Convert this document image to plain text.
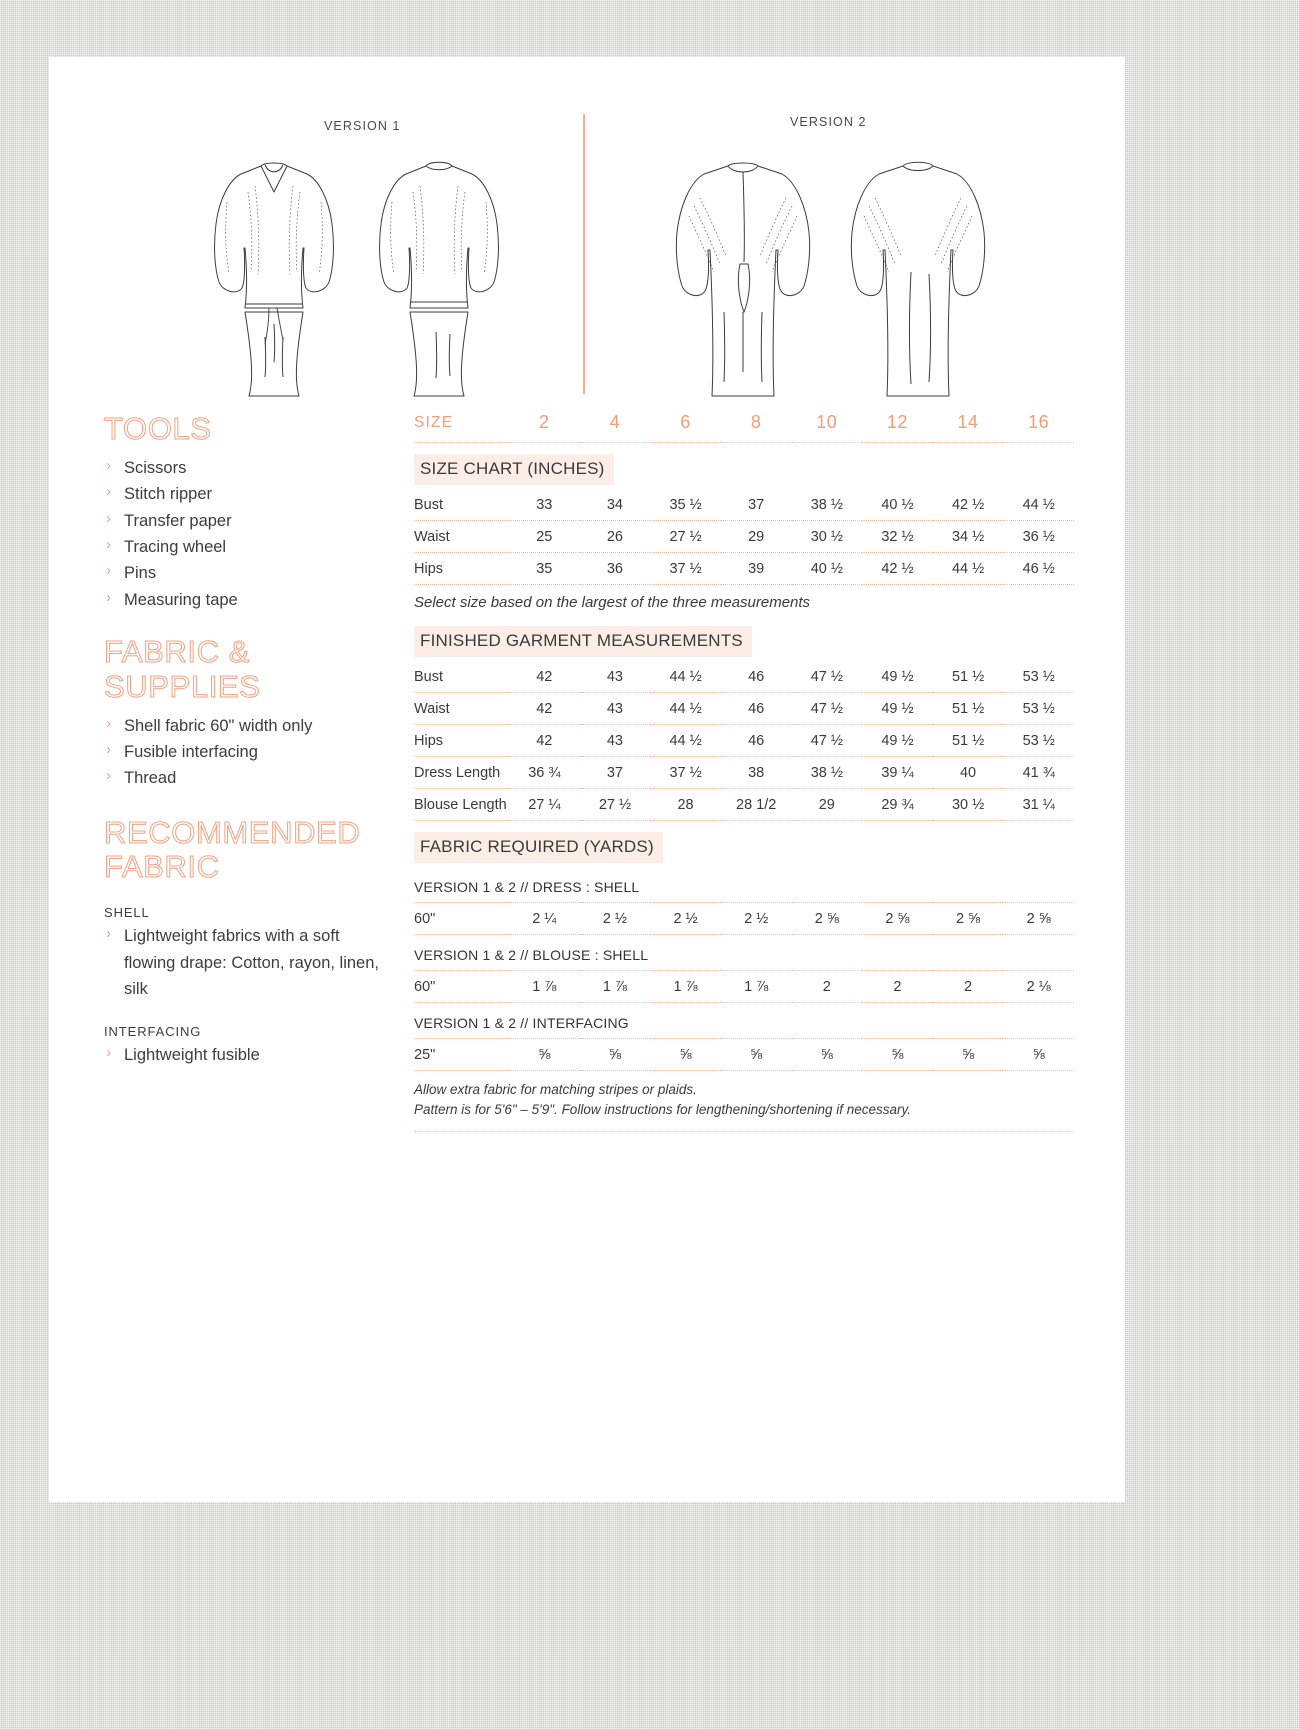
VERSION 1	VERSION 2
TOOLS
› Scissors
› Stitch ripper
› Transfer paper
› Tracing wheel
› Pins
› Measuring tape
FABRIC & SUPPLIES
› Shell fabric 60" width only
› Fusible interfacing
› Thread
RECOMMENDED FABRIC
SHELL
› Lightweight fabrics with a soft flowing drape: Cotton, rayon, linen, silk
INTERFACING
› Lightweight fusible
SIZE	2	4	6	8	10	12	14	16
SIZE CHART (INCHES)
Bust	33	34	35 ½	37	38 ½	40 ½	42 ½	44 ½
Waist	25	26	27 ½	29	30 ½	32 ½	34 ½	36 ½
Hips	35	36	37 ½	39	40 ½	42 ½	44 ½	46 ½
Select size based on the largest of the three measurements
FINISHED GARMENT MEASUREMENTS
Bust	42	43	44 ½	46	47 ½	49 ½	51 ½	53 ½
Waist	42	43	44 ½	46	47 ½	49 ½	51 ½	53 ½
Hips	42	43	44 ½	46	47 ½	49 ½	51 ½	53 ½
Dress Length	36 ¾	37	37 ½	38	38 ½	39 ¼	40	41 ¾
Blouse Length	27 ¼	27 ½	28	28 1/2	29	29 ¾	30 ½	31 ¼
FABRIC REQUIRED (YARDS)
VERSION 1 & 2 // DRESS : SHELL
60"	2 ¼	2 ½	2 ½	2 ½	2 ⅝	2 ⅝	2 ⅝	2 ⅝
VERSION 1 & 2 // BLOUSE : SHELL
60"	1 ⅞	1 ⅞	1 ⅞	1 ⅞	2	2	2	2 ⅛
VERSION 1 & 2 // INTERFACING
25"	⅝	⅝	⅝	⅝	⅝	⅝	⅝	⅝
Allow extra fabric for matching stripes or plaids.
Pattern is for 5'6" – 5'9". Follow instructions for lengthening/shortening if necessary.
